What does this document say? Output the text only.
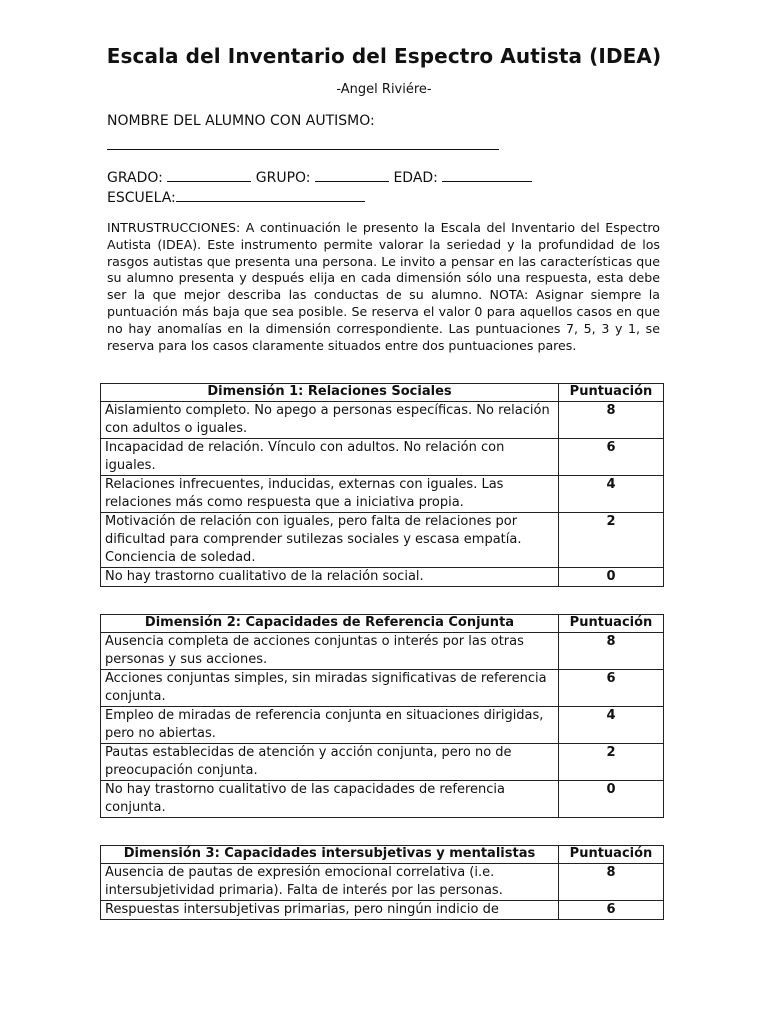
Escala del Inventario del Espectro Autista (IDEA)
-Angel Riviére-
NOMBRE DEL ALUMNO CON AUTISMO:
GRADO:	GRUPO:	EDAD:
ESCUELA:
INTRUSTRUCCIONES: A continuación le presento la Escala del Inventario del Espectro Autista (IDEA). Este instrumento permite valorar la seriedad y la profundidad de los rasgos autistas que presenta una persona. Le invito a pensar en las características que su alumno presenta y después elija en cada dimensión sólo una respuesta, esta debe ser la que mejor describa las conductas de su alumno. NOTA: Asignar siempre la puntuación más baja que sea posible. Se reserva el valor 0 para aquellos casos en que no hay anomalías en la dimensión correspondiente. Las puntuaciones 7, 5, 3 y 1, se reserva para los casos claramente situados entre dos puntuaciones pares.
Dimensión 1: Relaciones Sociales	Puntuación
Aislamiento completo. No apego a personas específicas. No relación con adultos o iguales.	8
Incapacidad de relación. Vínculo con adultos. No relación con iguales.	6
Relaciones infrecuentes, inducidas, externas con iguales. Las relaciones más como respuesta que a iniciativa propia.	4
Motivación de relación con iguales, pero falta de relaciones por dificultad para comprender sutilezas sociales y escasa empatía. Conciencia de soledad.	2
No hay trastorno cualitativo de la relación social.	0
Dimensión 2: Capacidades de Referencia Conjunta	Puntuación
Ausencia completa de acciones conjuntas o interés por las otras personas y sus acciones.	8
Acciones conjuntas simples, sin miradas significativas de referencia conjunta.	6
Empleo de miradas de referencia conjunta en situaciones dirigidas, pero no abiertas.	4
Pautas establecidas de atención y acción conjunta, pero no de preocupación conjunta.	2
No hay trastorno cualitativo de las capacidades de referencia conjunta.	0
Dimensión 3: Capacidades intersubjetivas y mentalistas	Puntuación
Ausencia de pautas de expresión emocional correlativa (i.e. intersubjetividad primaria). Falta de interés por las personas.	8
Respuestas intersubjetivas primarias, pero ningún indicio de	6
